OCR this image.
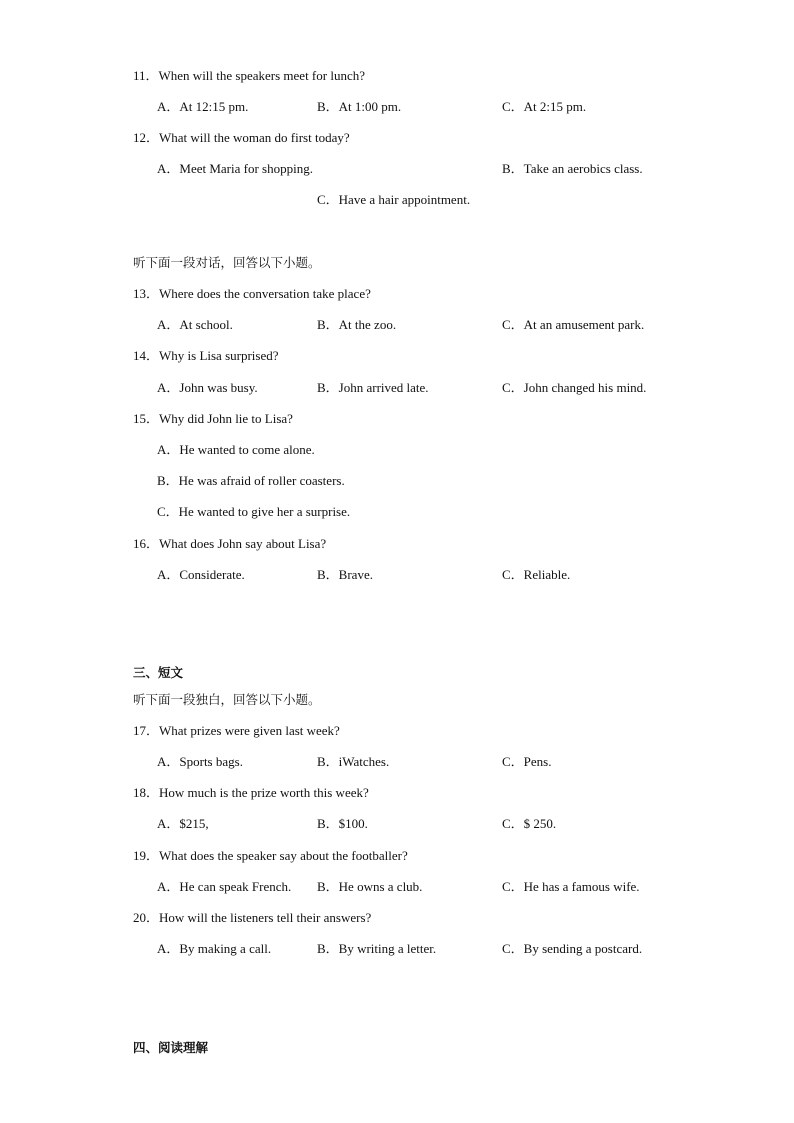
11．When will the speakers meet for lunch?
A．At 12:15 pm.	B．At 1:00 pm.	C．At 2:15 pm.
12．What will the woman do first today?
A．Meet Maria for shopping.	B．Take an aerobics class.
C．Have a hair appointment.
听下面一段对话，回答以下小题。
13．Where does the conversation take place?
A．At school.	B．At the zoo.	C．At an amusement park.
14．Why is Lisa surprised?
A．John was busy.	B．John arrived late.	C．John changed his mind.
15．Why did John lie to Lisa?
A．He wanted to come alone.
B．He was afraid of roller coasters.
C．He wanted to give her a surprise.
16．What does John say about Lisa?
A．Considerate.	B．Brave.	C．Reliable.
三、短文
听下面一段独白，回答以下小题。
17．What prizes were given last week?
A．Sports bags.	B．iWatches.	C．Pens.
18．How much is the prize worth this week?
A．$215,	B．$100.	C．$ 250.
19．What does the speaker say about the footballer?
A．He can speak French. B．He owns a club.	C．He has a famous wife.
20．How will the listeners tell their answers?
A．By making a call.	B．By writing a letter.	C．By sending a postcard.
四、阅读理解
